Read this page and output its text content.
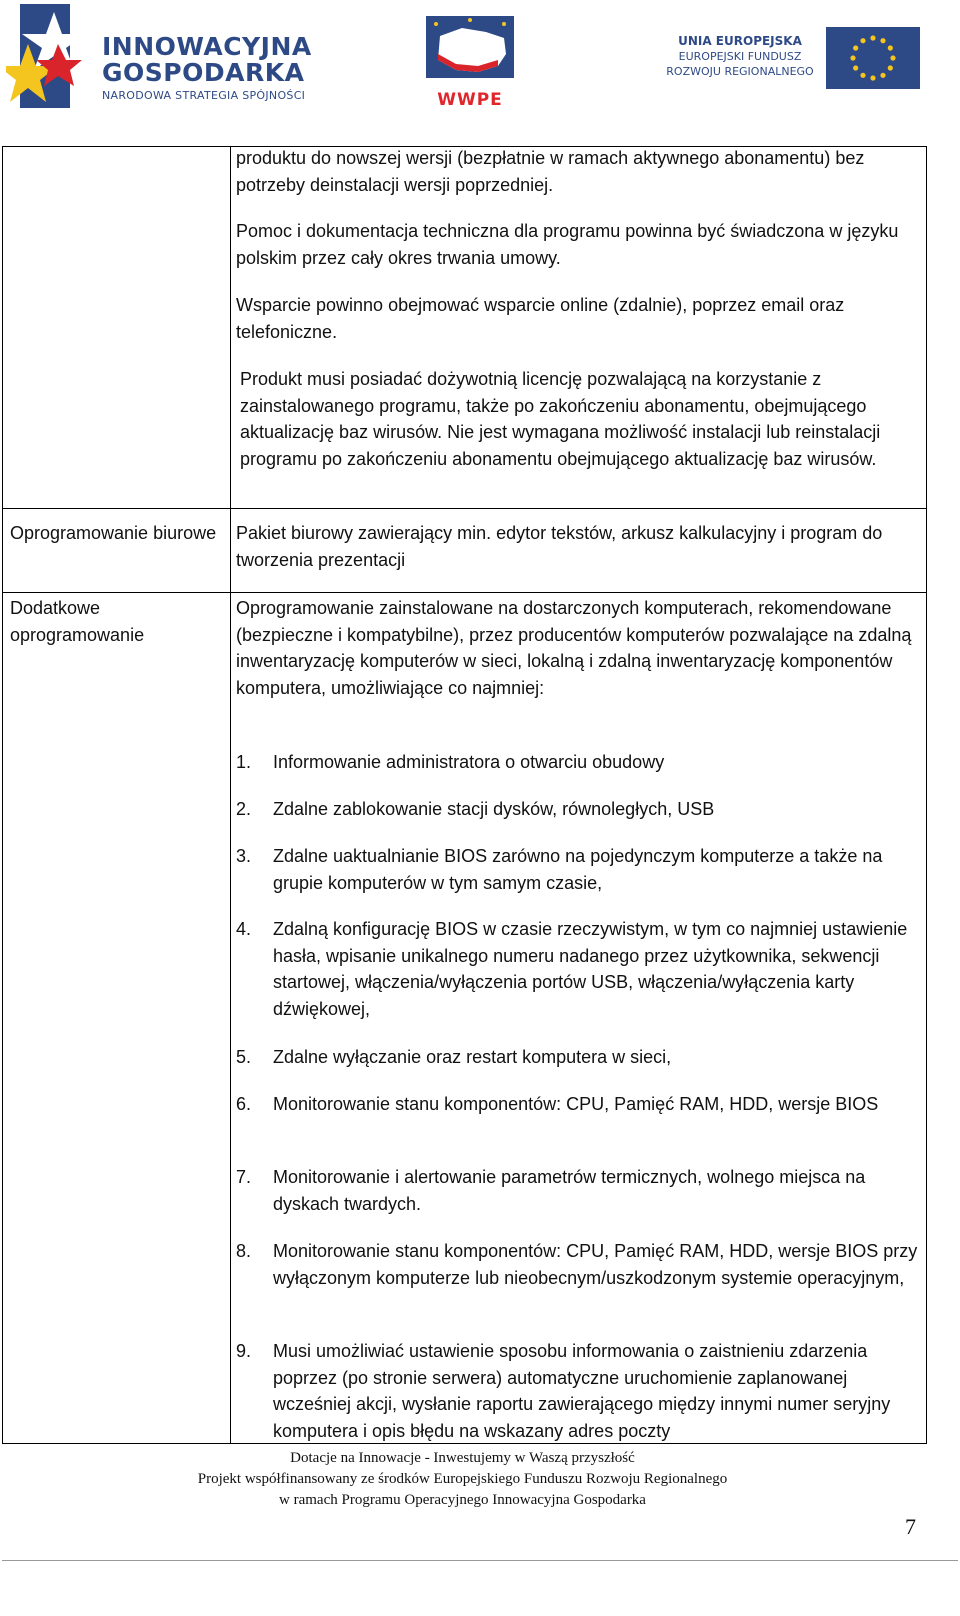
INNOWACYJNA
GOSPODARKA
NARODOWA STRATEGIA SPÓJNOŚCI	WWPE
UNIA EUROPEJSKA
EUROPEJSKI FUNDUSZ
ROZWOJU REGIONALNEGO
produktu do nowszej wersji (bezpłatnie w ramach aktywnego abonamentu) bez potrzeby deinstalacji wersji poprzedniej.
Pomoc i dokumentacja techniczna dla programu powinna być świadczona w języku polskim przez cały okres trwania umowy.
Wsparcie powinno obejmować wsparcie online (zdalnie), poprzez email oraz telefoniczne.
Produkt musi posiadać dożywotnią licencję pozwalającą na korzystanie z zainstalowanego programu, także po zakończeniu abonamentu, obejmującego aktualizację baz wirusów. Nie jest wymagana możliwość instalacji lub reinstalacji programu po zakończeniu abonamentu obejmującego aktualizację baz wirusów.
Oprogramowanie biurowe Pakiet biurowy zawierający min. edytor tekstów, arkusz kalkulacyjny i program do tworzenia prezentacji
Dodatkowe oprogramowanie
Oprogramowanie zainstalowane na dostarczonych komputerach, rekomendowane (bezpieczne i kompatybilne), przez producentów komputerów pozwalające na zdalną inwentaryzację komputerów w sieci, lokalną i zdalną inwentaryzację komponentów komputera, umożliwiające co najmniej:
1. Informowanie administratora o otwarciu obudowy
2. Zdalne zablokowanie stacji dysków, równoległych, USB
3. Zdalne uaktualnianie BIOS zarówno na pojedynczym komputerze a także na grupie komputerów w tym samym czasie,
4. Zdalną konfigurację BIOS w czasie rzeczywistym, w tym co najmniej ustawienie hasła, wpisanie unikalnego numeru nadanego przez użytkownika, sekwencji startowej, włączenia/wyłączenia portów USB, włączenia/wyłączenia karty dźwiękowej,
5. Zdalne wyłączanie oraz restart komputera w sieci,
6. Monitorowanie stanu komponentów: CPU, Pamięć RAM, HDD, wersje BIOS
7. Monitorowanie i alertowanie parametrów termicznych, wolnego miejsca na dyskach twardych.
8. Monitorowanie stanu komponentów: CPU, Pamięć RAM, HDD, wersje BIOS przy wyłączonym komputerze lub nieobecnym/uszkodzonym systemie operacyjnym,
9. Musi umożliwiać ustawienie sposobu informowania o zaistnieniu zdarzenia poprzez (po stronie serwera) automatyczne uruchomienie zaplanowanej wcześniej akcji, wysłanie raportu zawierającego między innymi numer seryjny komputera i opis błędu na wskazany adres poczty
Dotacje na Innowacje - Inwestujemy w Waszą przyszłość
Projekt współfinansowany ze środków Europejskiego Funduszu Rozwoju Regionalnego
w ramach Programu Operacyjnego Innowacyjna Gospodarka
7
